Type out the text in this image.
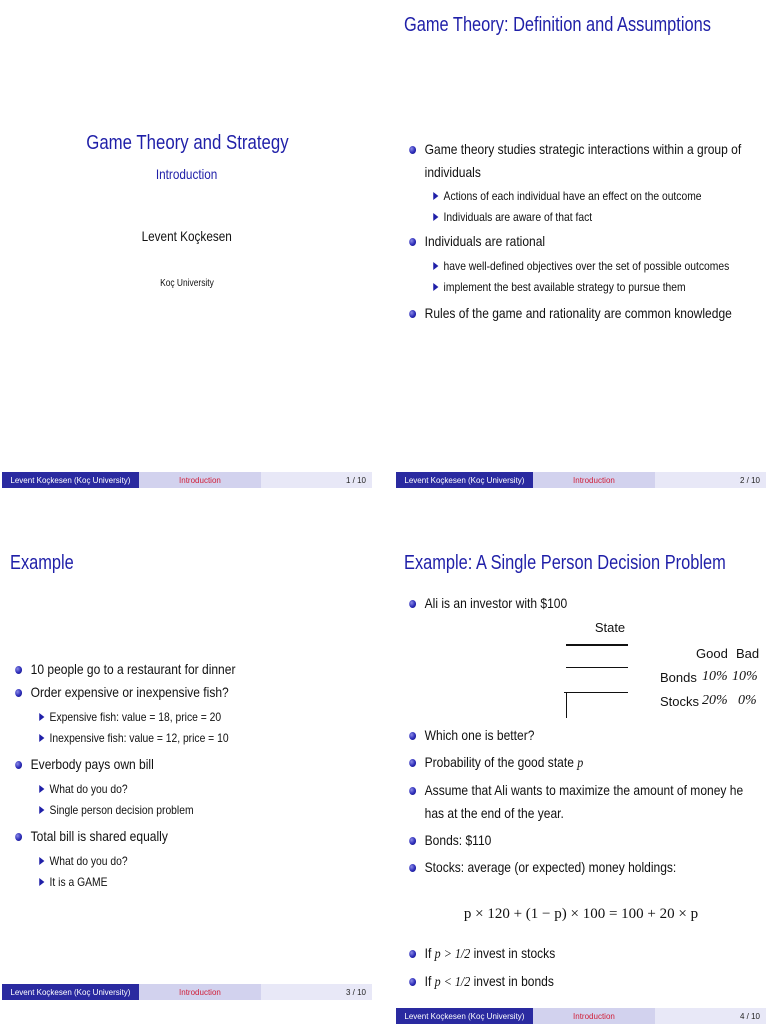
Game Theory and Strategy
Introduction
Levent Koçkesen
Koç University
Levent Koçkesen (Koç University)	Introduction	1 / 10
Game Theory: Definition and Assumptions
Game theory studies strategic interactions within a group of individuals
Actions of each individual have an effect on the outcome
Individuals are aware of that fact
Individuals are rational
have well-defined objectives over the set of possible outcomes
implement the best available strategy to pursue them
Rules of the game and rationality are common knowledge
Levent Koçkesen (Koç University)	Introduction	2 / 10
Example
10 people go to a restaurant for dinner
Order expensive or inexpensive fish?
Expensive fish: value = 18, price = 20
Inexpensive fish: value = 12, price = 10
Everbody pays own bill
What do you do?
Single person decision problem
Total bill is shared equally
What do you do?
It is a GAME
Levent Koçkesen (Koç University)	Introduction	3 / 10
Example: A Single Person Decision Problem
Ali is an investor with $100
State
Good Bad
Bonds 10% 10%
Stocks 20% 0%
Which one is better?
Probability of the good state p
Assume that Ali wants to maximize the amount of money he has at the end of the year.
Bonds: $110
Stocks: average (or expected) money holdings:
p × 120 + (1 − p) × 100 = 100 + 20 × p
If p > 1/2 invest in stocks
If p < 1/2 invest in bonds
Levent Koçkesen (Koç University)	Introduction	4 / 10
